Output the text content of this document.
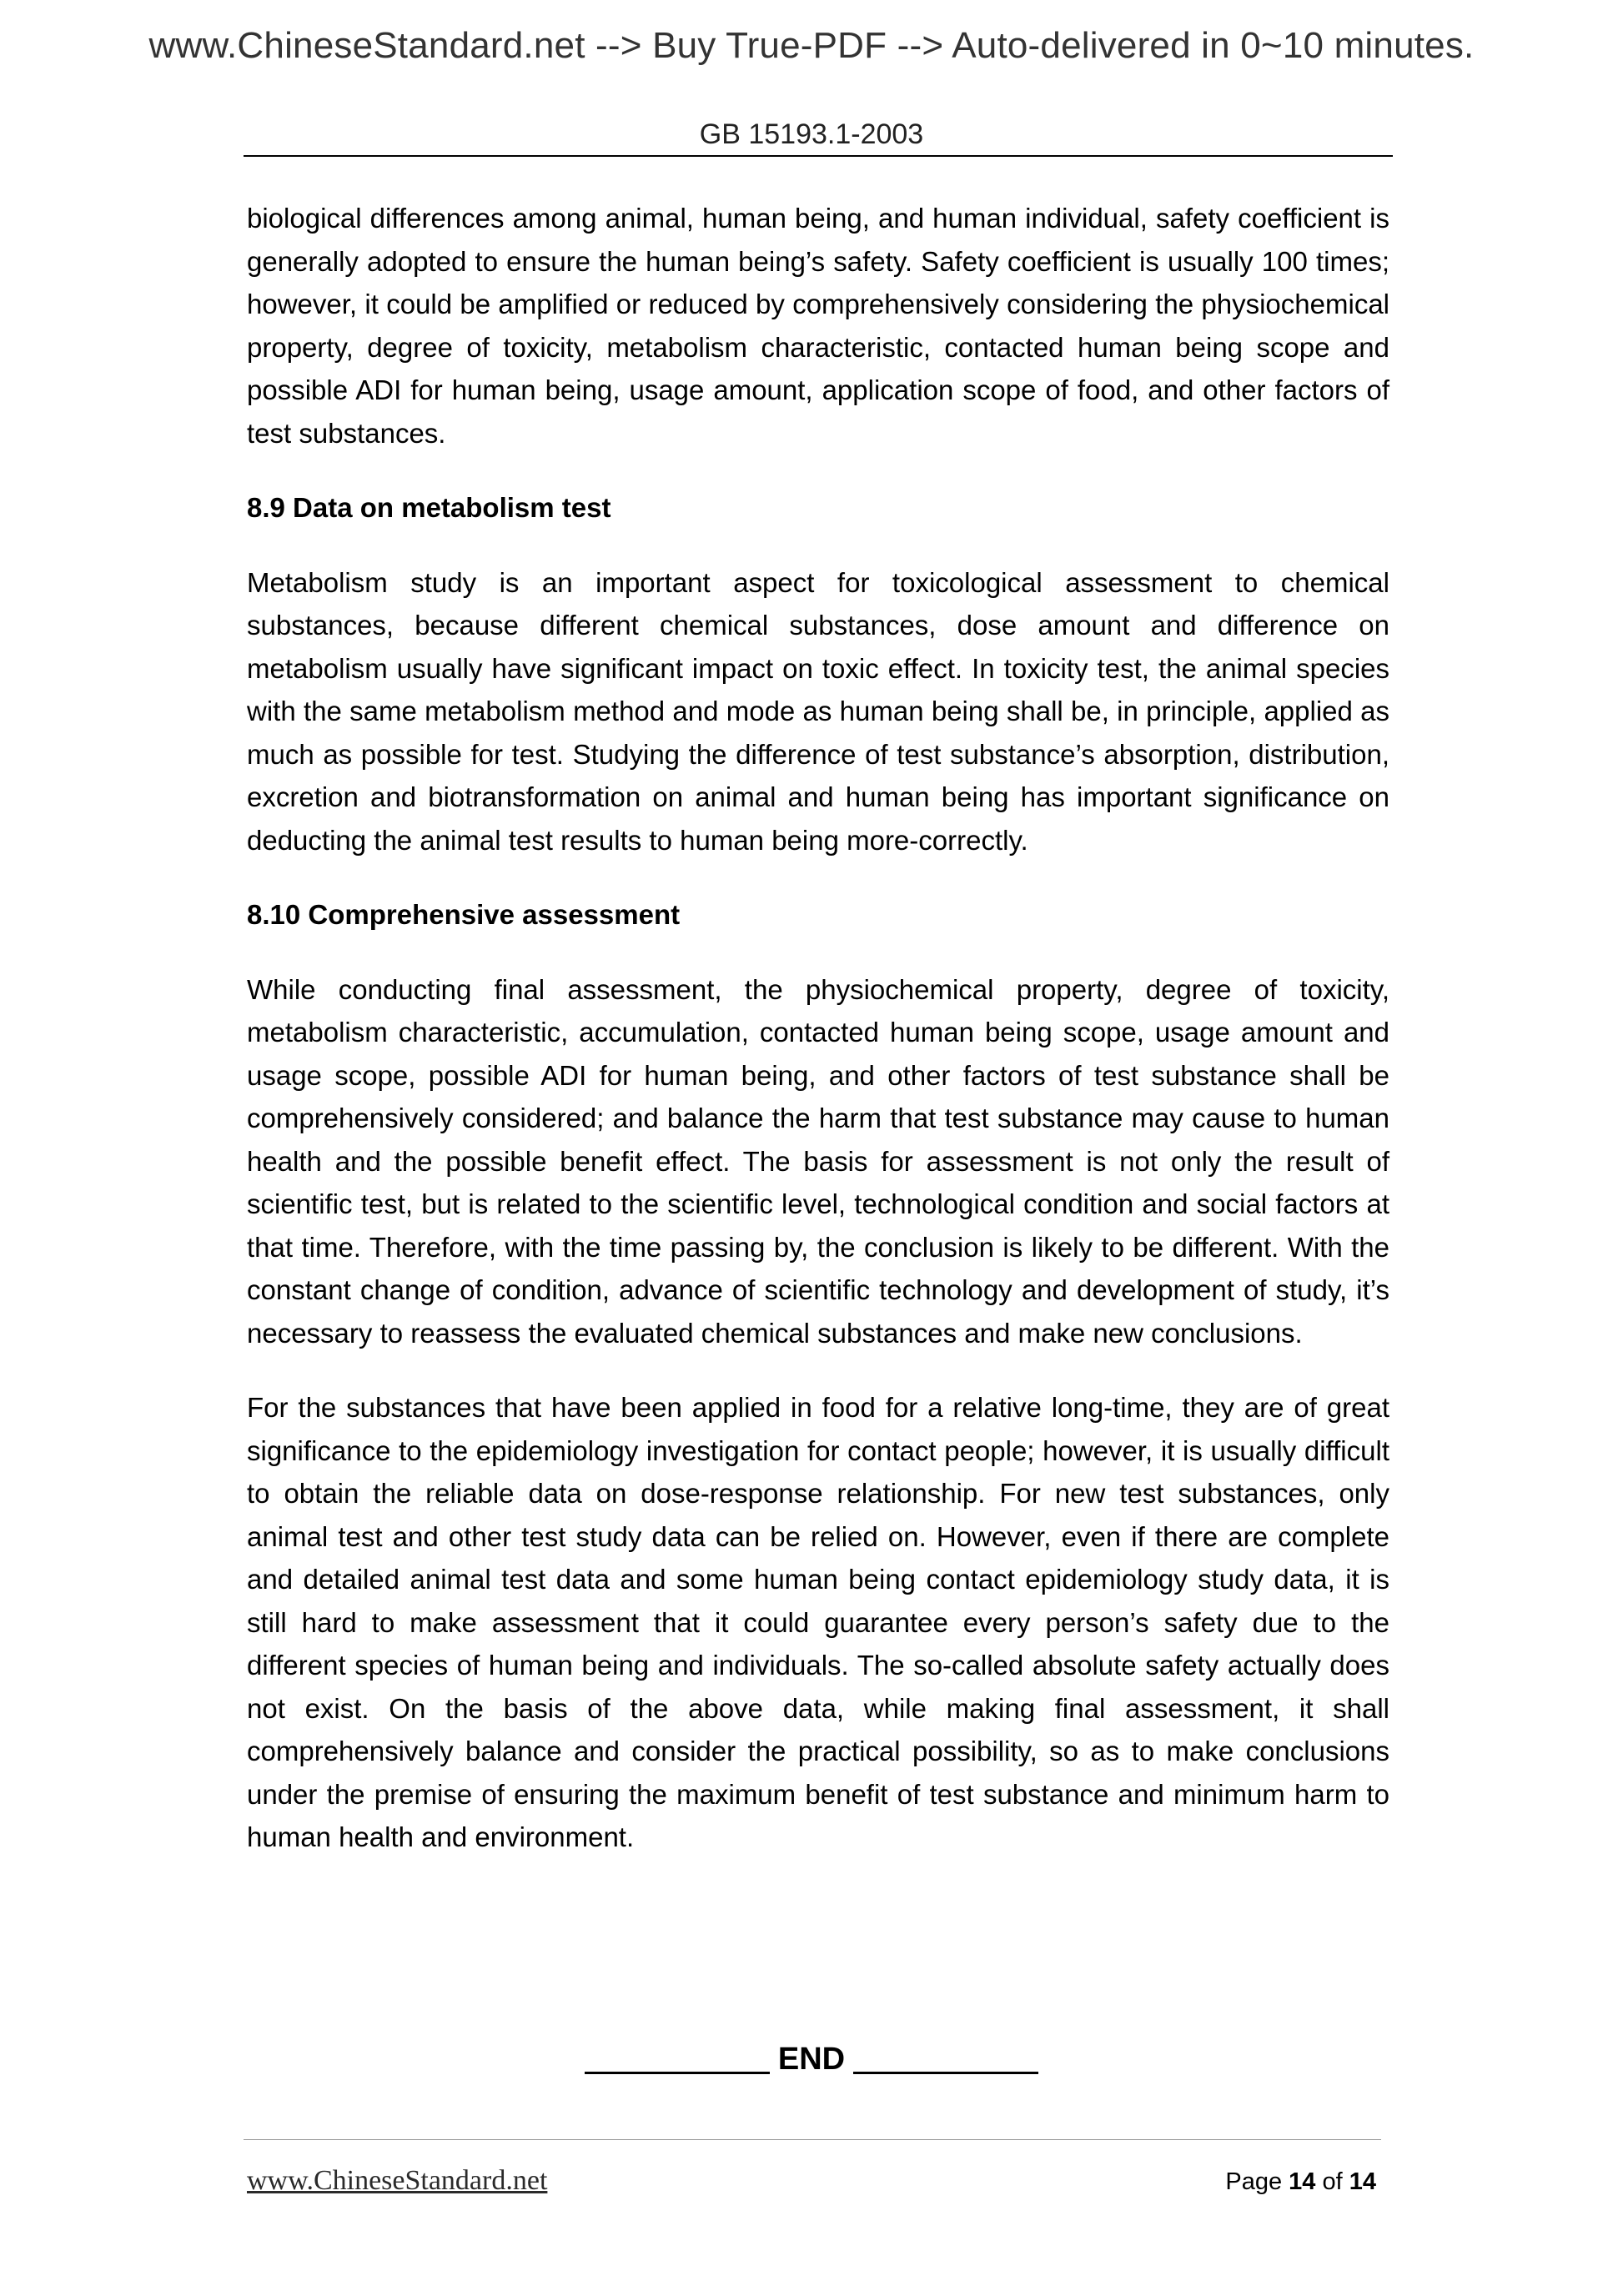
www.ChineseStandard.net --> Buy True-PDF --> Auto-delivered in 0~10 minutes.
GB 15193.1-2003

biological differences among animal, human being, and human individual, safety coefficient is generally adopted to ensure the human being’s safety. Safety coefficient is usually 100 times; however, it could be amplified or reduced by comprehensively considering the physiochemical property, degree of toxicity, metabolism characteristic, contacted human being scope and possible ADI for human being, usage amount, application scope of food, and other factors of test substances.

8.9 Data on metabolism test

Metabolism study is an important aspect for toxicological assessment to chemical substances, because different chemical substances, dose amount and difference on metabolism usually have significant impact on toxic effect. In toxicity test, the animal species with the same metabolism method and mode as human being shall be, in principle, applied as much as possible for test. Studying the difference of test substance’s absorption, distribution, excretion and biotransformation on animal and human being has important significance on deducting the animal test results to human being more-correctly.

8.10 Comprehensive assessment

While conducting final assessment, the physiochemical property, degree of toxicity, metabolism characteristic, accumulation, contacted human being scope, usage amount and usage scope, possible ADI for human being, and other factors of test substance shall be comprehensively considered; and balance the harm that test substance may cause to human health and the possible benefit effect. The basis for assessment is not only the result of scientific test, but is related to the scientific level, technological condition and social factors at that time. Therefore, with the time passing by, the conclusion is likely to be different. With the constant change of condition, advance of scientific technology and development of study, it’s necessary to reassess the evaluated chemical substances and make new conclusions.

For the substances that have been applied in food for a relative long-time, they are of great significance to the epidemiology investigation for contact people; however, it is usually difficult to obtain the reliable data on dose-response relationship. For new test substances, only animal test and other test study data can be relied on. However, even if there are complete and detailed animal test data and some human being contact epidemiology study data, it is still hard to make assessment that it could guarantee every person’s safety due to the different species of human being and individuals. The so-called absolute safety actually does not exist. On the basis of the above data, while making final assessment, it shall comprehensively balance and consider the practical possibility, so as to make conclusions under the premise of ensuring the maximum benefit of test substance and minimum harm to human health and environment.

END
www.ChineseStandard.net	Page 14 of 14
